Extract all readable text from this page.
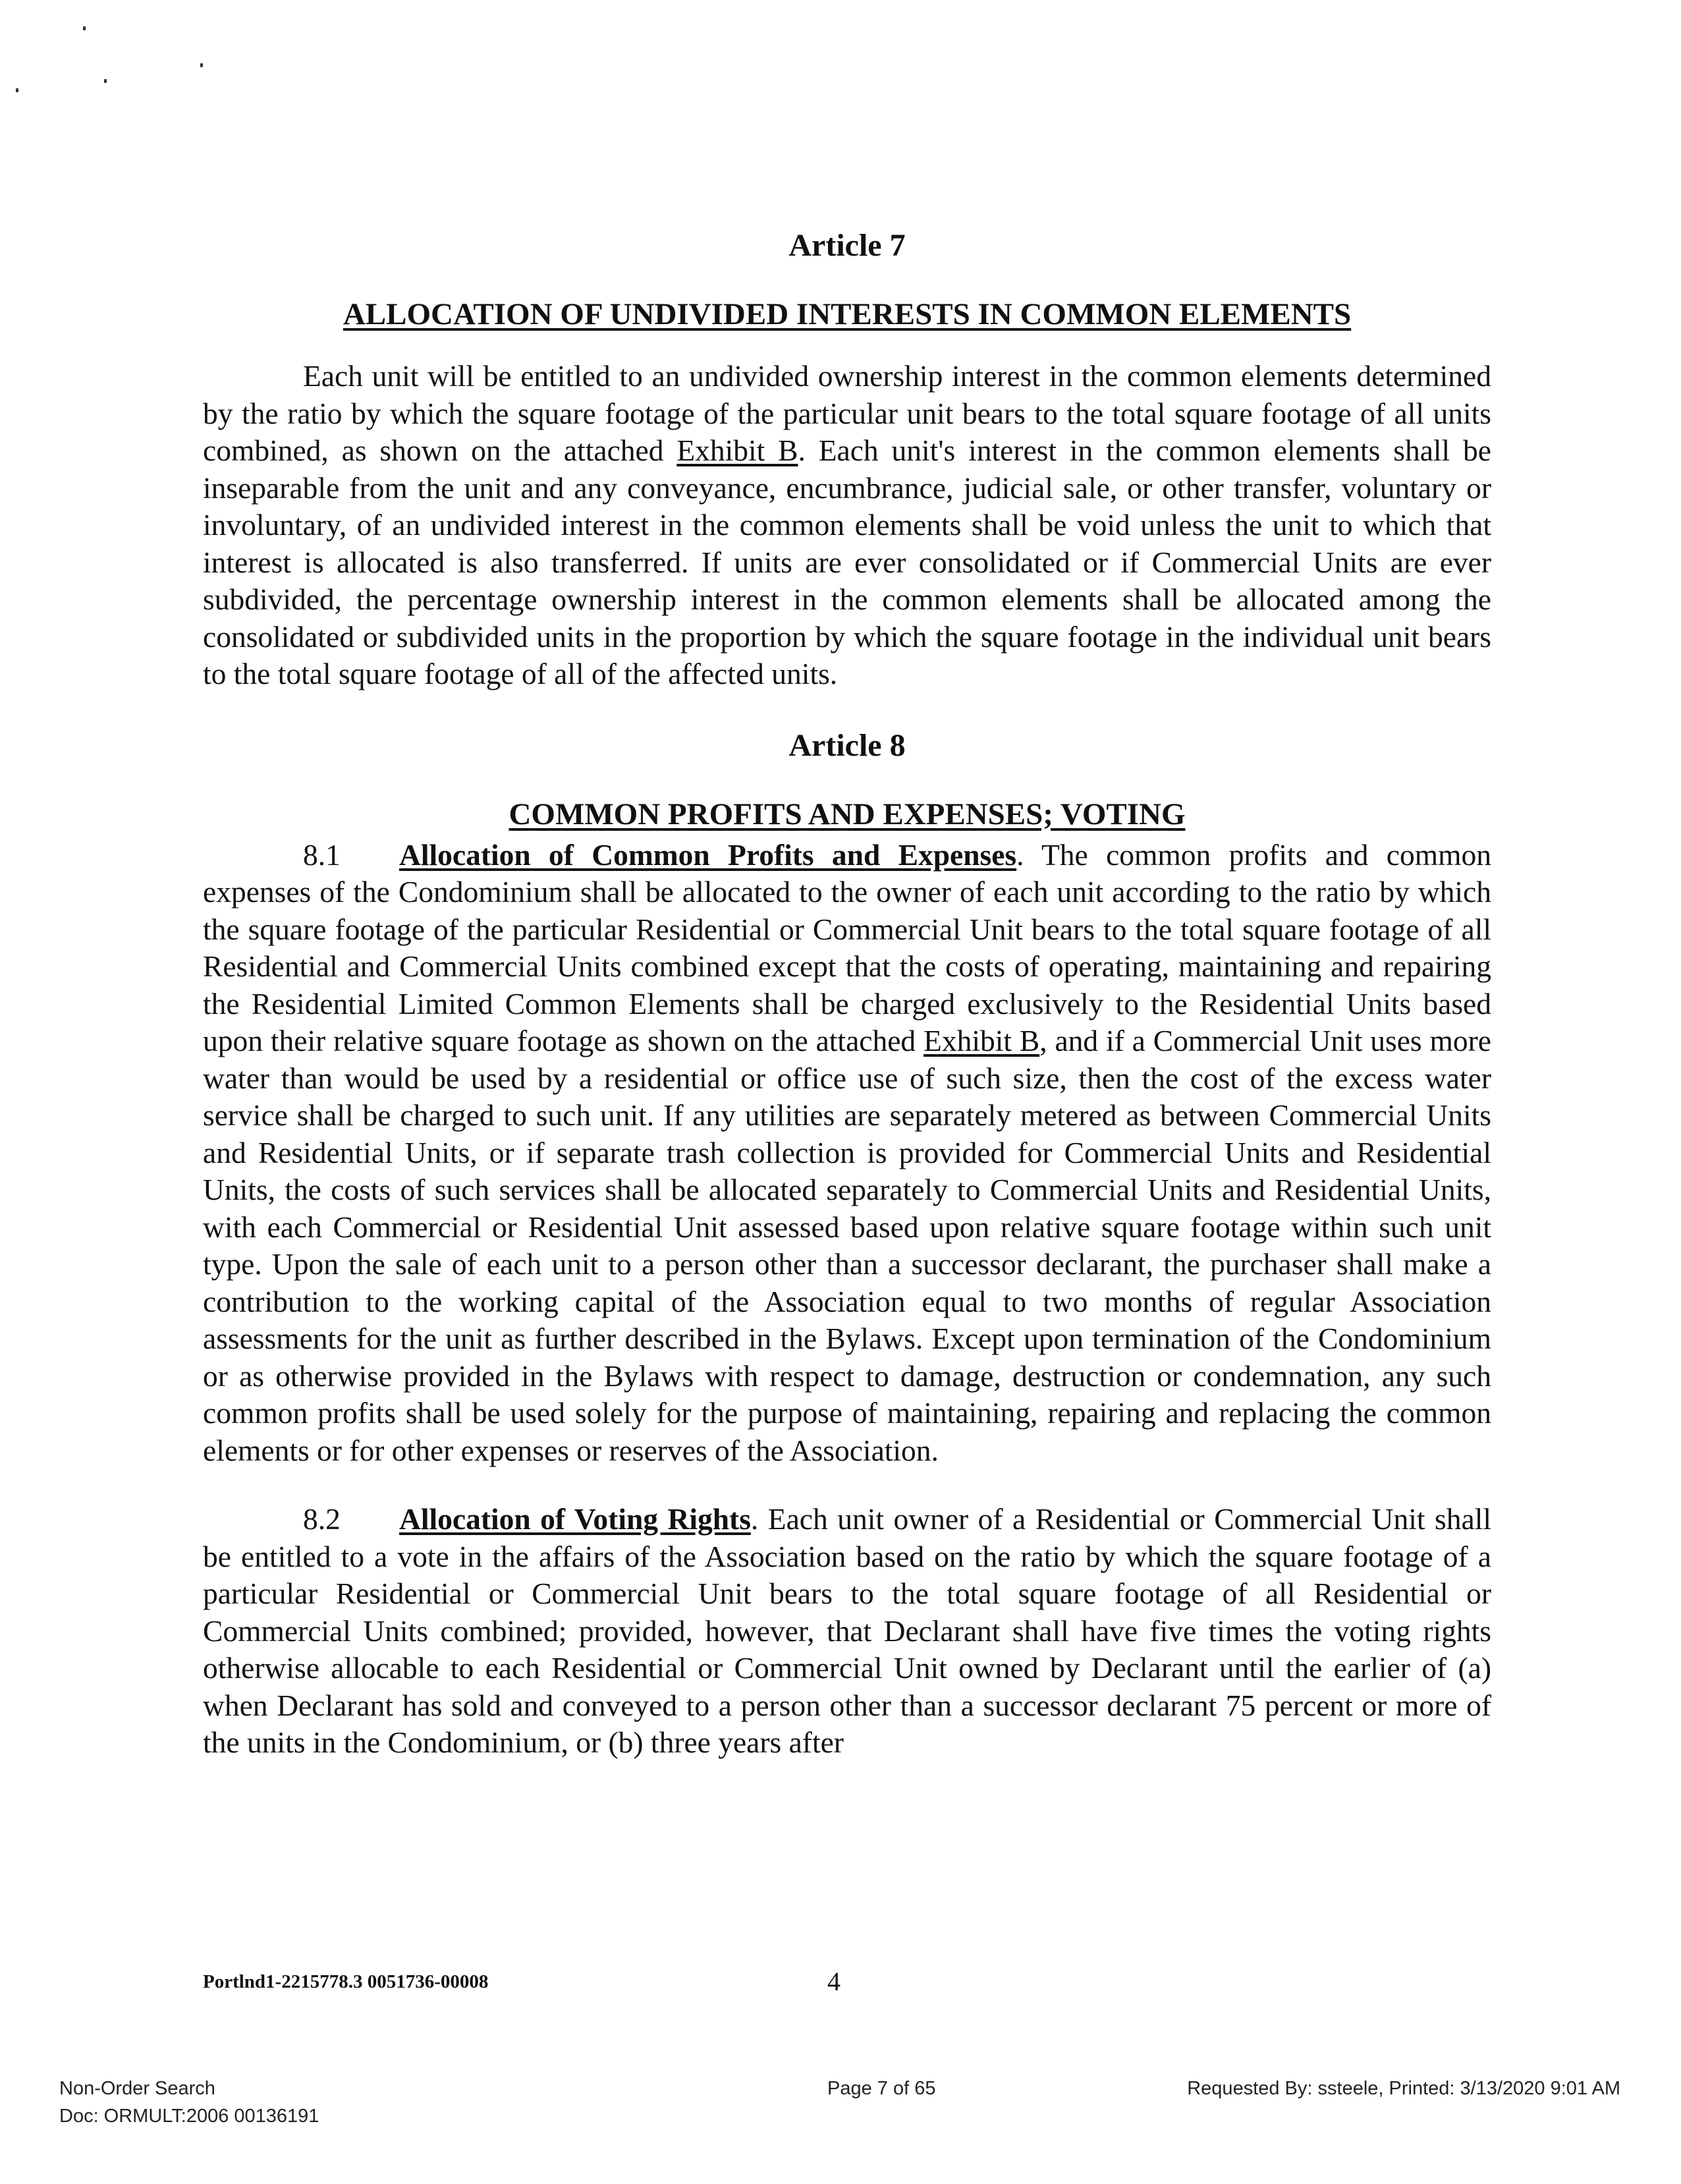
Article 7

ALLOCATION OF UNDIVIDED INTERESTS IN COMMON ELEMENTS

Each unit will be entitled to an undivided ownership interest in the common elements determined by the ratio by which the square footage of the particular unit bears to the total square footage of all units combined, as shown on the attached Exhibit B. Each unit's interest in the common elements shall be inseparable from the unit and any conveyance, encumbrance, judicial sale, or other transfer, voluntary or involuntary, of an undivided interest in the common elements shall be void unless the unit to which that interest is allocated is also transferred. If units are ever consolidated or if Commercial Units are ever subdivided, the percentage ownership interest in the common elements shall be allocated among the consolidated or subdivided units in the proportion by which the square footage in the individual unit bears to the total square footage of all of the affected units.

Article 8

COMMON PROFITS AND EXPENSES; VOTING

8.1 Allocation of Common Profits and Expenses. The common profits and common expenses of the Condominium shall be allocated to the owner of each unit according to the ratio by which the square footage of the particular Residential or Commercial Unit bears to the total square footage of all Residential and Commercial Units combined except that the costs of operating, maintaining and repairing the Residential Limited Common Elements shall be charged exclusively to the Residential Units based upon their relative square footage as shown on the attached Exhibit B, and if a Commercial Unit uses more water than would be used by a residential or office use of such size, then the cost of the excess water service shall be charged to such unit. If any utilities are separately metered as between Commercial Units and Residential Units, or if separate trash collection is provided for Commercial Units and Residential Units, the costs of such services shall be allocated separately to Commercial Units and Residential Units, with each Commercial or Residential Unit assessed based upon relative square footage within such unit type. Upon the sale of each unit to a person other than a successor declarant, the purchaser shall make a contribution to the working capital of the Association equal to two months of regular Association assessments for the unit as further described in the Bylaws. Except upon termination of the Condominium or as otherwise provided in the Bylaws with respect to damage, destruction or condemnation, any such common profits shall be used solely for the purpose of maintaining, repairing and replacing the common elements or for other expenses or reserves of the Association.

8.2 Allocation of Voting Rights. Each unit owner of a Residential or Commercial Unit shall be entitled to a vote in the affairs of the Association based on the ratio by which the square footage of a particular Residential or Commercial Unit bears to the total square footage of all Residential or Commercial Units combined; provided, however, that Declarant shall have five times the voting rights otherwise allocable to each Residential or Commercial Unit owned by Declarant until the earlier of (a) when Declarant has sold and conveyed to a person other than a successor declarant 75 percent or more of the units in the Condominium, or (b) three years after

Portlnd1-2215778.3 0051736-00008	4
Non-Order Search
Doc: ORMULT:2006 00136191
Page 7 of 65	Requested By: ssteele, Printed: 3/13/2020 9:01 AM
